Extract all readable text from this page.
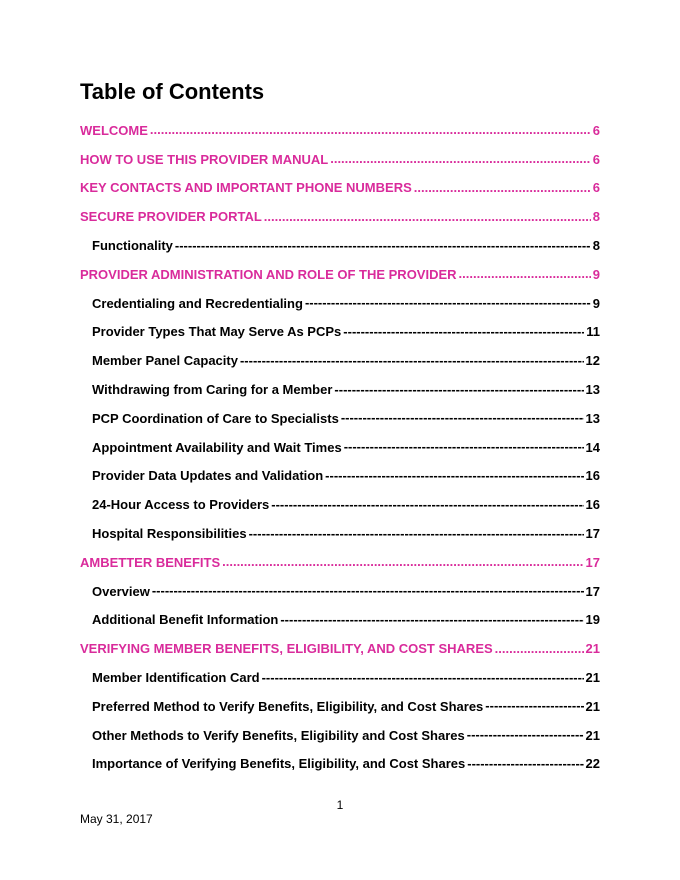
Table of Contents
WELCOME .....	6
HOW TO USE THIS PROVIDER MANUAL .....	6
KEY CONTACTS AND IMPORTANT PHONE NUMBERS .....	6
SECURE PROVIDER PORTAL .....	8
Functionality -----	8
PROVIDER ADMINISTRATION AND ROLE OF THE PROVIDER .....	9
Credentialing and Recredentialing -----	9
Provider Types That May Serve As PCPs -----	11
Member Panel Capacity -----	12
Withdrawing from Caring for a Member -----	13
PCP Coordination of Care to Specialists -----	13
Appointment Availability and Wait Times -----	14
Provider Data Updates and Validation -----	16
24-Hour Access to Providers -----	16
Hospital Responsibilities -----	17
AMBETTER BENEFITS .....	17
Overview -----	17
Additional Benefit Information -----	19
VERIFYING MEMBER BENEFITS, ELIGIBILITY, AND COST SHARES .....	21
Member Identification Card -----	21
Preferred Method to Verify Benefits, Eligibility, and Cost Shares -----	21
Other Methods to Verify Benefits, Eligibility and Cost Shares -----	21
Importance of Verifying Benefits, Eligibility, and Cost Shares -----	22
1
May 31, 2017
